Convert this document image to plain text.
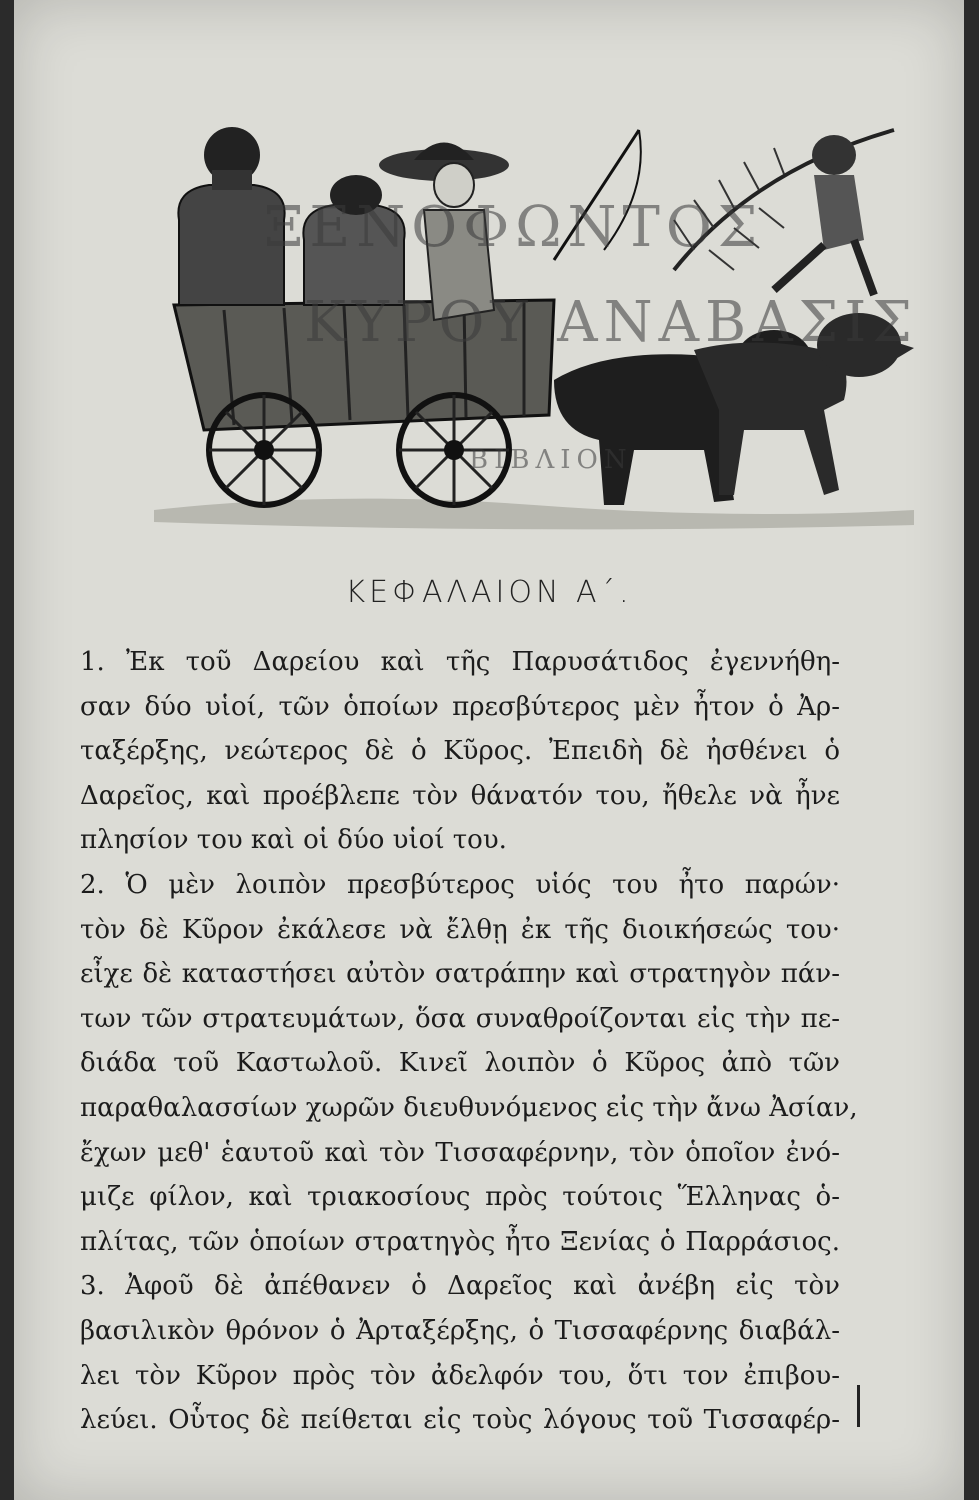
ΞΕΝΟΦΩΝΤΟΣ
ΚΥΡΟΥ ΑΝΑΒΑΣΙΣ
ΒΙΒΛΙΟΝ
ΚΕΦΑΛΑΙΟΝ Α΄.
1. Ἐκ τοῦ Δαρείου καὶ τῆς Παρυσάτιδος ἐγεννήθη-
σαν δύο υἱοί, τῶν ὁποίων πρεσβύτερος μὲν ἦτον ὁ Ἀρ-
ταξέρξης, νεώτερος δὲ ὁ Κῦρος. Ἐπειδὴ δὲ ἠσθένει ὁ
Δαρεῖος, καὶ προέβλεπε τὸν θάνατόν του, ἤθελε νὰ ἦνε
πλησίον του καὶ οἱ δύο υἱοί του.
2. Ὁ μὲν λοιπὸν πρεσβύτερος υἱός του ἦτο παρών·
τὸν δὲ Κῦρον ἐκάλεσε νὰ ἔλθῃ ἐκ τῆς διοικήσεώς του·
εἶχε δὲ καταστήσει αὐτὸν σατράπην καὶ στρατηγὸν πάν-
των τῶν στρατευμάτων, ὅσα συναθροίζονται εἰς τὴν πε-
διάδα τοῦ Καστωλοῦ. Κινεῖ λοιπὸν ὁ Κῦρος ἀπὸ τῶν
παραθαλασσίων χωρῶν διευθυνόμενος εἰς τὴν ἄνω Ἀσίαν,
ἔχων μεθ' ἑαυτοῦ καὶ τὸν Τισσαφέρνην, τὸν ὁποῖον ἐνό-
μιζε φίλον, καὶ τριακοσίους πρὸς τούτοις Ἕλληνας ὁ-
πλίτας, τῶν ὁποίων στρατηγὸς ἦτο Ξενίας ὁ Παρράσιος.
3. Ἀφοῦ δὲ ἀπέθανεν ὁ Δαρεῖος καὶ ἀνέβη εἰς τὸν
βασιλικὸν θρόνον ὁ Ἀρταξέρξης, ὁ Τισσαφέρνης διαβάλ-
λει τὸν Κῦρον πρὸς τὸν ἀδελφόν του, ὅτι τον ἐπιβου-
λεύει. Οὗτος δὲ πείθεται εἰς τοὺς λόγους τοῦ Τισσαφέρ-
